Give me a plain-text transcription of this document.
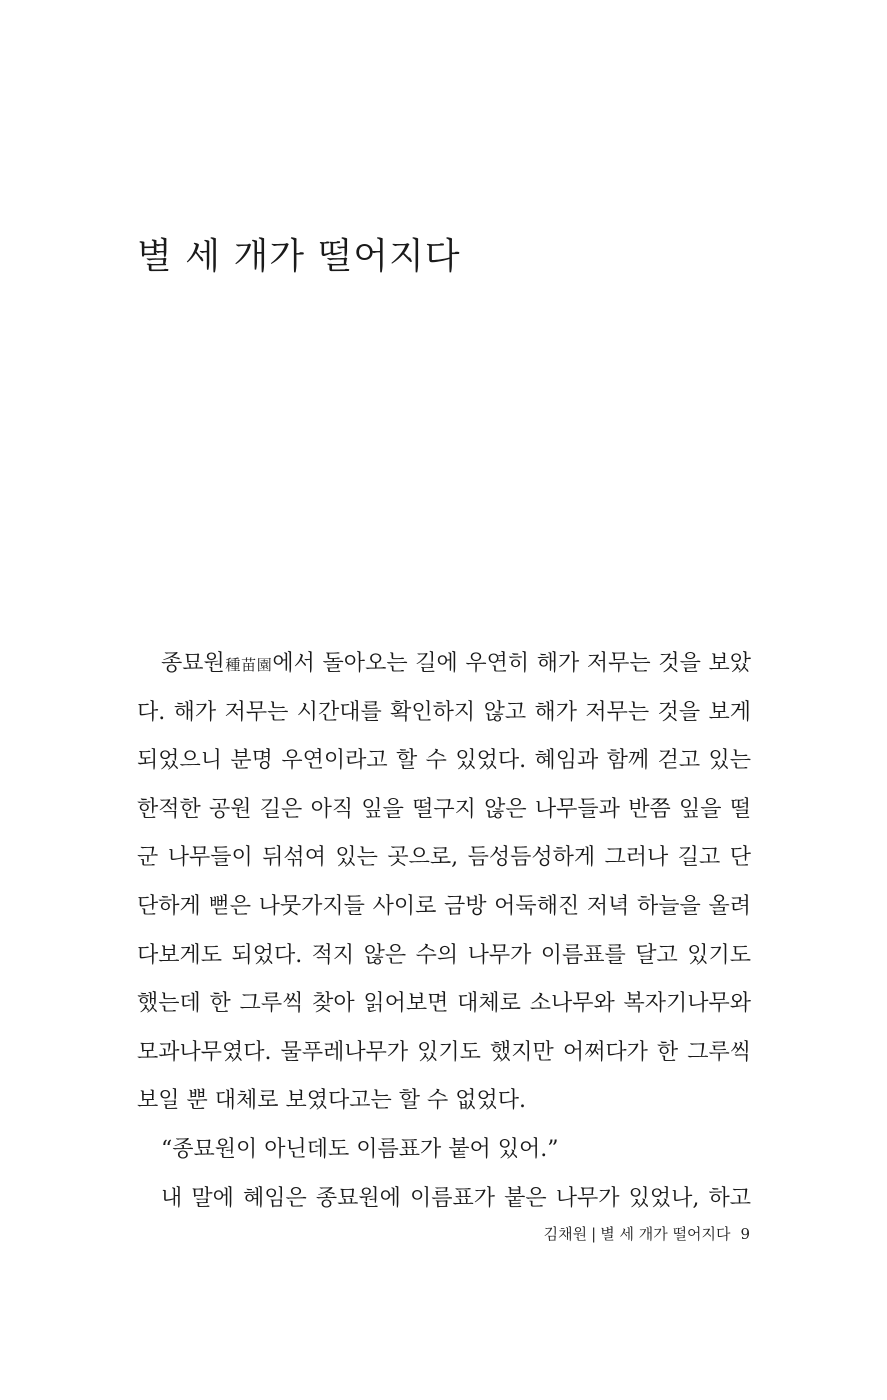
별 세 개가 떨어지다
종묘원種苗園에서 돌아오는 길에 우연히 해가 저무는 것을 보았
다. 해가 저무는 시간대를 확인하지 않고 해가 저무는 것을 보게
되었으니 분명 우연이라고 할 수 있었다. 혜임과 함께 걷고 있는
한적한 공원 길은 아직 잎을 떨구지 않은 나무들과 반쯤 잎을 떨
군 나무들이 뒤섞여 있는 곳으로, 듬성듬성하게 그러나 길고 단
단하게 뻗은 나뭇가지들 사이로 금방 어둑해진 저녁 하늘을 올려
다보게도 되었다. 적지 않은 수의 나무가 이름표를 달고 있기도
했는데 한 그루씩 찾아 읽어보면 대체로 소나무와 복자기나무와
모과나무였다. 물푸레나무가 있기도 했지만 어쩌다가 한 그루씩
보일 뿐 대체로 보였다고는 할 수 없었다.
“종묘원이 아닌데도 이름표가 붙어 있어.”
내 말에 혜임은 종묘원에 이름표가 붙은 나무가 있었나, 하고
김채원 | 별 세 개가 떨어지다 9
